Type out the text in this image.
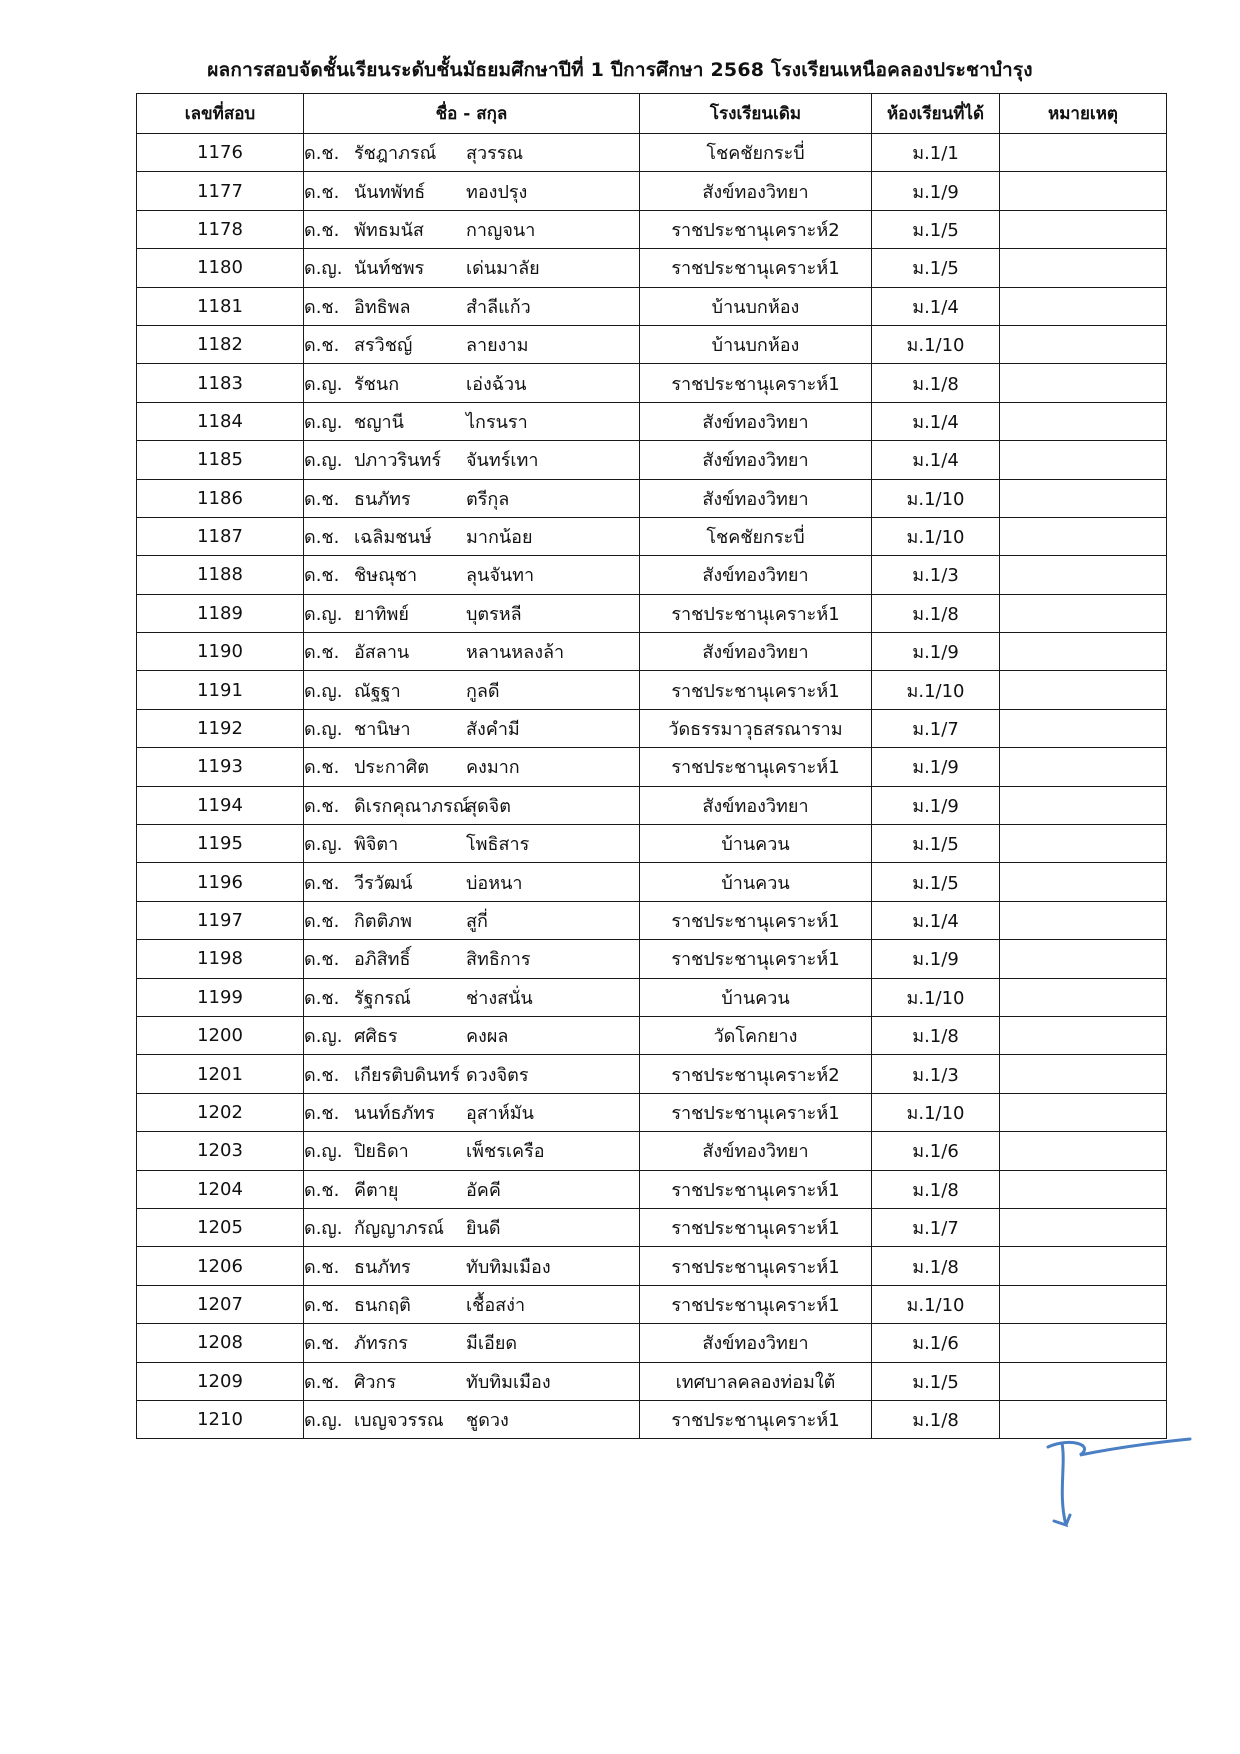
ผลการสอบจัดชั้นเรียนระดับชั้นมัธยมศึกษาปีที่ 1 ปีการศึกษา 2568 โรงเรียนเหนือคลองประชาบำรุง
เลขที่สอบ	ชื่อ - สกุล	โรงเรียนเดิม	ห้องเรียนที่ได้	หมายเหตุ
1176	ด.ช. รัชฎาภรณ์ สุวรรณ	โชคชัยกระบี่	ม.1/1	
1177	ด.ช. นันทพัทธ์ ทองปรุง	สังข์ทองวิทยา	ม.1/9	
1178	ด.ช. พัทธมนัส กาญจนา	ราชประชานุเคราะห์2	ม.1/5	
1180	ด.ญ. นันท์ชพร เด่นมาลัย	ราชประชานุเคราะห์1	ม.1/5	
1181	ด.ช. อิทธิพล สำลีแก้ว	บ้านบกห้อง	ม.1/4	
1182	ด.ช. สรวิชญ์ ลายงาม	บ้านบกห้อง	ม.1/10	
1183	ด.ญ. รัชนก เอ่งฉ้วน	ราชประชานุเคราะห์1	ม.1/8	
1184	ด.ญ. ชญานี ไกรนรา	สังข์ทองวิทยา	ม.1/4	
1185	ด.ญ. ปภาวรินทร์ จันทร์เทา	สังข์ทองวิทยา	ม.1/4	
1186	ด.ช. ธนภัทร ตรีกุล	สังข์ทองวิทยา	ม.1/10	
1187	ด.ช. เฉลิมชนษ์ มากน้อย	โชคชัยกระบี่	ม.1/10	
1188	ด.ช. ชิษณุชา ลุนจันทา	สังข์ทองวิทยา	ม.1/3	
1189	ด.ญ. ยาทิพย์ บุตรหลี	ราชประชานุเคราะห์1	ม.1/8	
1190	ด.ช. อัสลาน หลานหลงล้า	สังข์ทองวิทยา	ม.1/9	
1191	ด.ญ. ณัฐฐา กูลดี	ราชประชานุเคราะห์1	ม.1/10	
1192	ด.ญ. ชานิษา สังคำมี	วัดธรรมาวุธสรณาราม	ม.1/7	
1193	ด.ช. ประกาศิต คงมาก	ราชประชานุเคราะห์1	ม.1/9	
1194	ด.ช. ดิเรกคุณาภรณ์สุดจิต	สังข์ทองวิทยา	ม.1/9	
1195	ด.ญ. พิจิตา โพธิสาร	บ้านควน	ม.1/5	
1196	ด.ช. วีรวัฒน์ บ่อหนา	บ้านควน	ม.1/5	
1197	ด.ช. กิตติภพ สูกี่	ราชประชานุเคราะห์1	ม.1/4	
1198	ด.ช. อภิสิทธิ์ สิทธิการ	ราชประชานุเคราะห์1	ม.1/9	
1199	ด.ช. รัฐกรณ์ ช่างสนั่น	บ้านควน	ม.1/10	
1200	ด.ญ. ศศิธร คงผล	วัดโคกยาง	ม.1/8	
1201	ด.ช. เกียรติบดินทร์ ดวงจิตร	ราชประชานุเคราะห์2	ม.1/3	
1202	ด.ช. นนท์ธภัทร อุสาห์มัน	ราชประชานุเคราะห์1	ม.1/10	
1203	ด.ญ. ปิยธิดา เพ็ชรเครือ	สังข์ทองวิทยา	ม.1/6	
1204	ด.ช. คีตายุ อัคคี	ราชประชานุเคราะห์1	ม.1/8	
1205	ด.ญ. กัญญาภรณ์ ยินดี	ราชประชานุเคราะห์1	ม.1/7	
1206	ด.ช. ธนภัทร ทับทิมเมือง	ราชประชานุเคราะห์1	ม.1/8	
1207	ด.ช. ธนกฤติ เชื้อสง่า	ราชประชานุเคราะห์1	ม.1/10	
1208	ด.ช. ภัทรกร มีเอียด	สังข์ทองวิทยา	ม.1/6	
1209	ด.ช. ศิวกร ทับทิมเมือง	เทศบาลคลองท่อมใต้	ม.1/5	
1210	ด.ญ. เบญจวรรณ ชูดวง	ราชประชานุเคราะห์1	ม.1/8	
